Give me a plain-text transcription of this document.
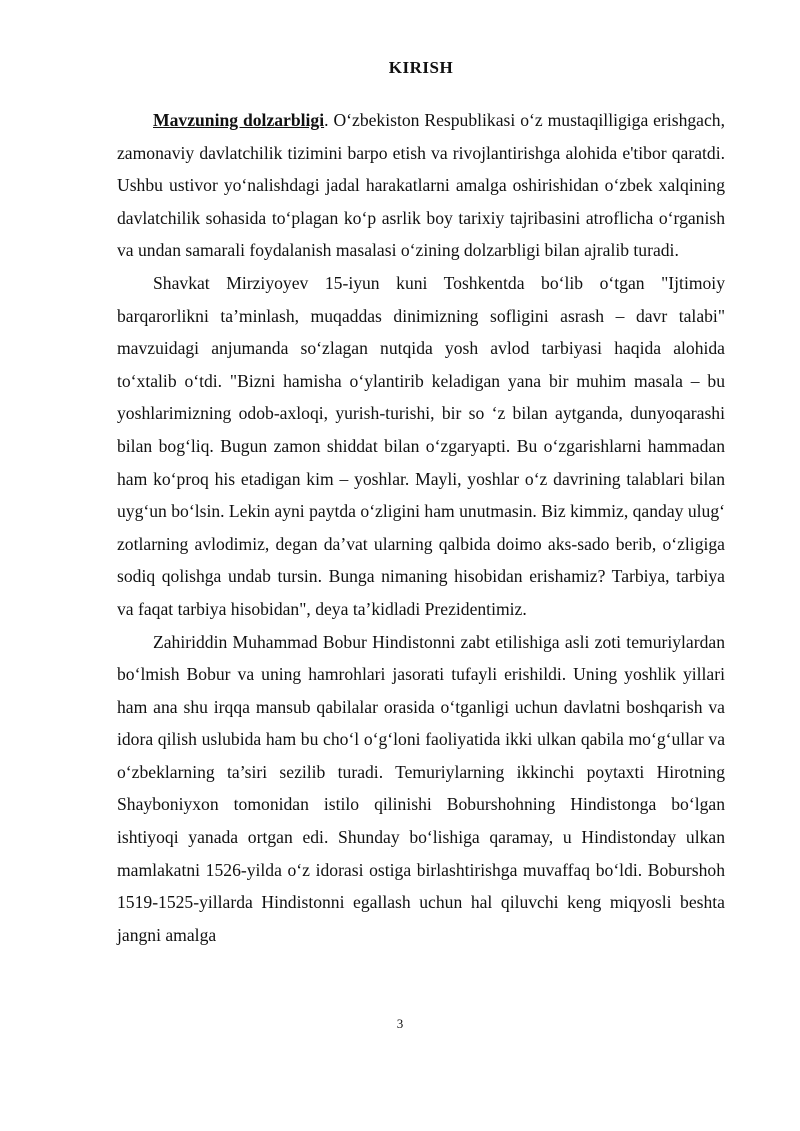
KIRISH

Mavzuning dolzarbligi. O‘zbekiston Respublikasi o‘z mustaqilligiga erishgach, zamonaviy davlatchilik tizimini barpo etish va rivojlantirishga alohida e'tibor qaratdi. Ushbu ustivor yo‘nalishdagi jadal harakatlarni amalga oshirishidan o‘zbek xalqining davlatchilik sohasida to‘plagan ko‘p asrlik boy tarixiy tajribasini atroflicha o‘rganish va undan samarali foydalanish masalasi o‘zining dolzarbligi bilan ajralib turadi.

Shavkat Mirziyoyev 15-iyun kuni Toshkentda bo‘lib o‘tgan "Ijtimoiy barqarorlikni ta’minlash, muqaddas dinimizning sofligini asrash – davr talabi" mavzuidagi anjumanda so‘zlagan nutqida yosh avlod tarbiyasi haqida alohida to‘xtalib o‘tdi. "Bizni hamisha o‘ylantirib keladigan yana bir muhim masala – bu yoshlarimizning odob-axloqi, yurish-turishi, bir so ‘z bilan aytganda, dunyoqarashi bilan bog‘liq. Bugun zamon shiddat bilan o‘zgaryapti. Bu o‘zgarishlarni hammadan ham ko‘proq his etadigan kim – yoshlar. Mayli, yoshlar o‘z davrining talablari bilan uyg‘un bo‘lsin. Lekin ayni paytda o‘zligini ham unutmasin. Biz kimmiz, qanday ulug‘ zotlarning avlodimiz, degan da’vat ularning qalbida doimo aks-sado berib, o‘zligiga sodiq qolishga undab tursin. Bunga nimaning hisobidan erishamiz? Tarbiya, tarbiya va faqat tarbiya hisobidan", deya ta’kidladi Prezidentimiz.

Zahiriddin Muhammad Bobur Hindistonni zabt etilishiga asli zoti temuriylardan bo‘lmish Bobur va uning hamrohlari jasorati tufayli erishildi. Uning yoshlik yillari ham ana shu irqqa mansub qabilalar orasida o‘tganligi uchun davlatni boshqarish va idora qilish uslubida ham bu cho‘l o‘g‘loni faoliyatida ikki ulkan qabila mo‘g‘ullar va o‘zbeklarning ta’siri sezilib turadi. Temuriylarning ikkinchi poytaxti Hirotning Shayboniyxon tomonidan istilo qilinishi Boburshohning Hindistonga bo‘lgan ishtiyoqi yanada ortgan edi. Shunday bo‘lishiga qaramay, u Hindistonday ulkan mamlakatni 1526-yilda o‘z idorasi ostiga birlashtirishga muvaffaq bo‘ldi. Boburshoh 1519-1525-yillarda Hindistonni egallash uchun hal qiluvchi keng miqyosli beshta jangni amalga

3
